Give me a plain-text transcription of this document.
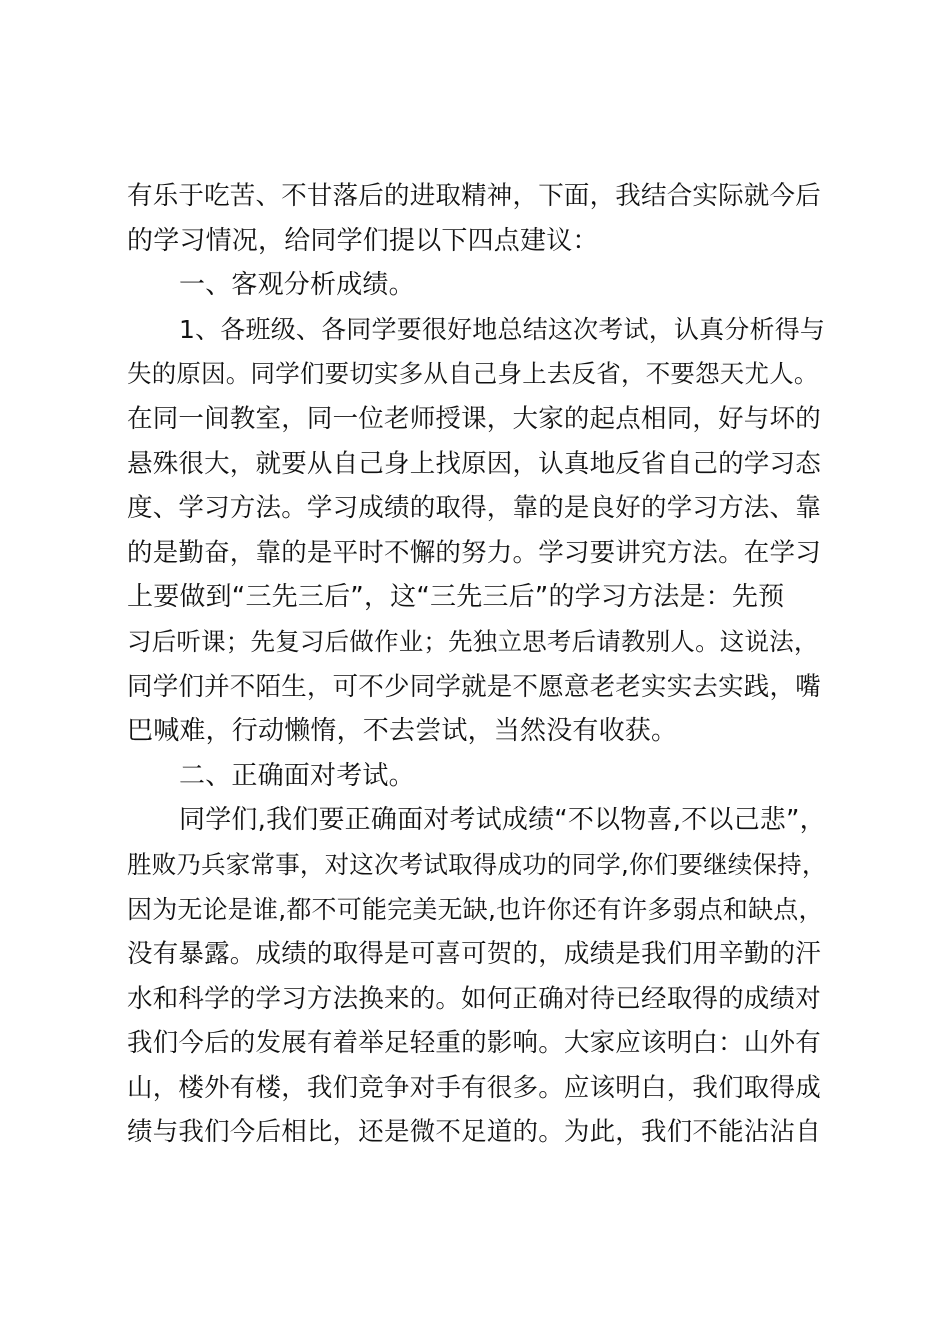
有乐于吃苦、不甘落后的进取精神，下面，我结合实际就今后
的学习情况，给同学们提以下四点建议：
一、客观分析成绩。
1、各班级、各同学要很好地总结这次考试，认真分析得与
失的原因。同学们要切实多从自己身上去反省，不要怨天尤人。
在同一间教室，同一位老师授课，大家的起点相同，好与坏的
悬殊很大，就要从自己身上找原因，认真地反省自己的学习态
度、学习方法。学习成绩的取得，靠的是良好的学习方法、靠
的是勤奋，靠的是平时不懈的努力。学习要讲究方法。在学习
上要做到“三先三后”，这“三先三后”的学习方法是：先预
习后听课；先复习后做作业；先独立思考后请教别人。这说法，
同学们并不陌生，可不少同学就是不愿意老老实实去实践，嘴
巴喊难，行动懒惰，不去尝试，当然没有收获。
二、正确面对考试。
同学们,我们要正确面对考试成绩“不以物喜,不以己悲”，
胜败乃兵家常事，对这次考试取得成功的同学,你们要继续保持，
因为无论是谁,都不可能完美无缺,也许你还有许多弱点和缺点，
没有暴露。成绩的取得是可喜可贺的，成绩是我们用辛勤的汗
水和科学的学习方法换来的。如何正确对待已经取得的成绩对
我们今后的发展有着举足轻重的影响。大家应该明白：山外有
山，楼外有楼，我们竞争对手有很多。应该明白，我们取得成
绩与我们今后相比，还是微不足道的。为此，我们不能沾沾自
